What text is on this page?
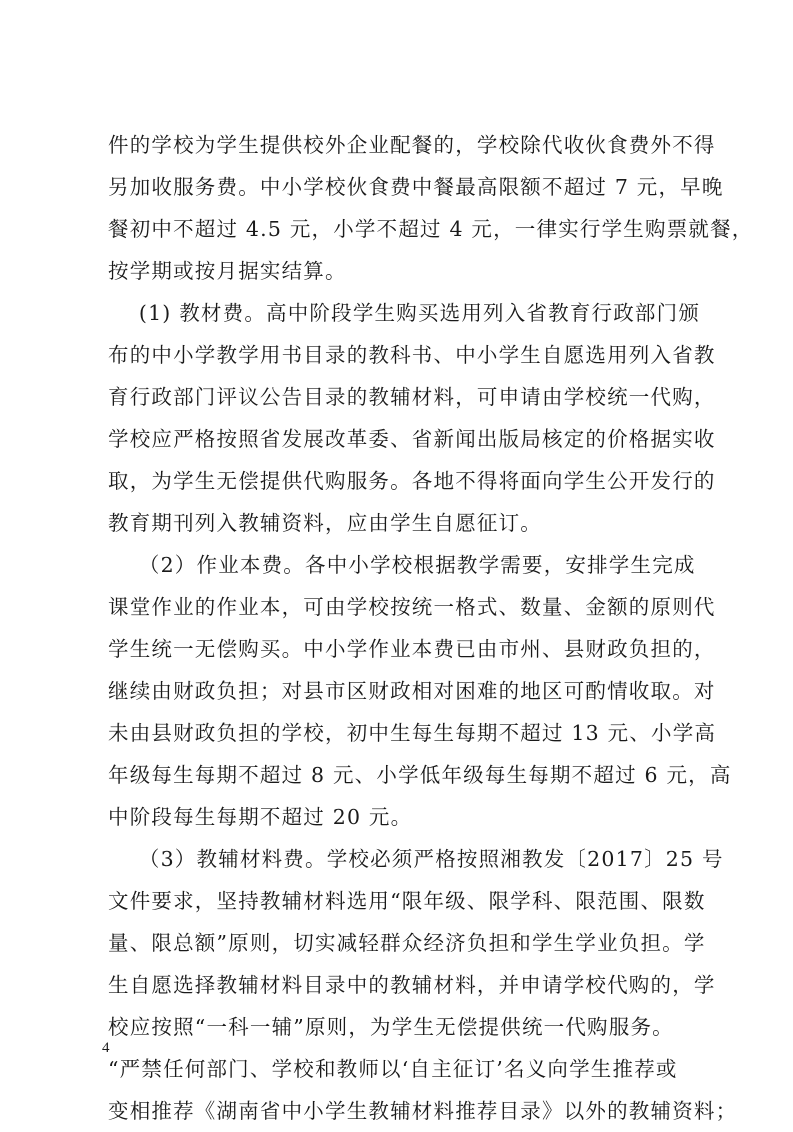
件的学校为学生提供校外企业配餐的，学校除代收伙食费外不得
另加收服务费。中小学校伙食费中餐最高限额不超过 7 元，早晚
餐初中不超过 4.5 元，小学不超过 4 元，一律实行学生购票就餐，
按学期或按月据实结算。
(1) 教材费。高中阶段学生购买选用列入省教育行政部门颁
布的中小学教学用书目录的教科书、中小学生自愿选用列入省教
育行政部门评议公告目录的教辅材料，可申请由学校统一代购，
学校应严格按照省发展改革委、省新闻出版局核定的价格据实收
取，为学生无偿提供代购服务。各地不得将面向学生公开发行的
教育期刊列入教辅资料，应由学生自愿征订。
（2）作业本费。各中小学校根据教学需要，安排学生完成
课堂作业的作业本，可由学校按统一格式、数量、金额的原则代
学生统一无偿购买。中小学作业本费已由市州、县财政负担的，
继续由财政负担；对县市区财政相对困难的地区可酌情收取。对
未由县财政负担的学校，初中生每生每期不超过 13 元、小学高
年级每生每期不超过 8 元、小学低年级每生每期不超过 6 元，高
中阶段每生每期不超过 20 元。
（3）教辅材料费。学校必须严格按照湘教发〔2017〕25 号
文件要求，坚持教辅材料选用“限年级、限学科、限范围、限数
量、限总额”原则，切实减轻群众经济负担和学生学业负担。学
生自愿选择教辅材料目录中的教辅材料，并申请学校代购的，学
校应按照“一科一辅”原则，为学生无偿提供统一代购服务。
“严禁任何部门、学校和教师以‘自主征订’名义向学生推荐或
变相推荐《湖南省中小学生教辅材料推荐目录》以外的教辅资料；
4
